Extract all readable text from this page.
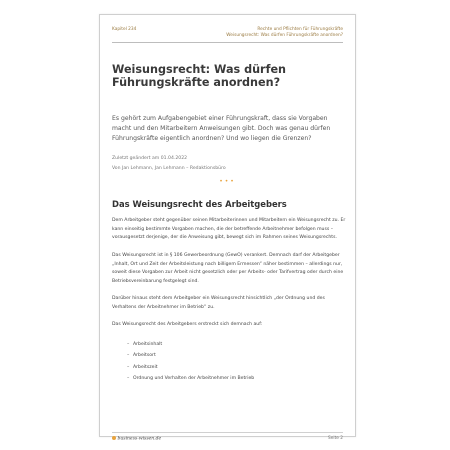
Kapitel 234	Rechte und Pflichten für Führungskräfte
Weisungsrecht: Was dürfen Führungskräfte anordnen?
Weisungsrecht: Was dürfen Führungskräfte anordnen?

Es gehört zum Aufgabengebiet einer Führungskraft, dass sie Vorgaben macht und den Mitarbeitern Anweisungen gibt. Doch was genau dürfen Führungskräfte eigentlich anordnen? Und wo liegen die Grenzen?

Zuletzt geändert am 01.04.2022
Von Jan Lehmann, Jan Lehmann – Redaktionsbüro
•••
Das Weisungsrecht des Arbeitgebers

Dem Arbeitgeber steht gegenüber seinen Mitarbeiterinnen und Mitarbeitern ein Weisungsrecht zu. Er kann einseitig bestimmte Vorgaben machen, die der betreffende Arbeitnehmer befolgen muss – vorausgesetzt derjenige, der die Anweisung gibt, bewegt sich im Rahmen seines Weisungsrechts.

Das Weisungsrecht ist in § 106 Gewerbeordnung (GewO) verankert. Demnach darf der Arbeitgeber „Inhalt, Ort und Zeit der Arbeitsleistung nach billigem Ermessen“ näher bestimmen – allerdings nur, soweit diese Vorgaben zur Arbeit nicht gesetzlich oder per Arbeits- oder Tarifvertrag oder durch eine Betriebsvereinbarung festgelegt sind.

Darüber hinaus steht dem Arbeitgeber ein Weisungsrecht hinsichtlich „der Ordnung und des Verhaltens der Arbeitnehmer im Betrieb“ zu.

Das Weisungsrecht des Arbeitgebers erstreckt sich demnach auf:

– Arbeitsinhalt
– Arbeitsort
– Arbeitszeit
– Ordnung und Verhalten der Arbeitnehmer im Betrieb
business-wissen.de	Seite 2
